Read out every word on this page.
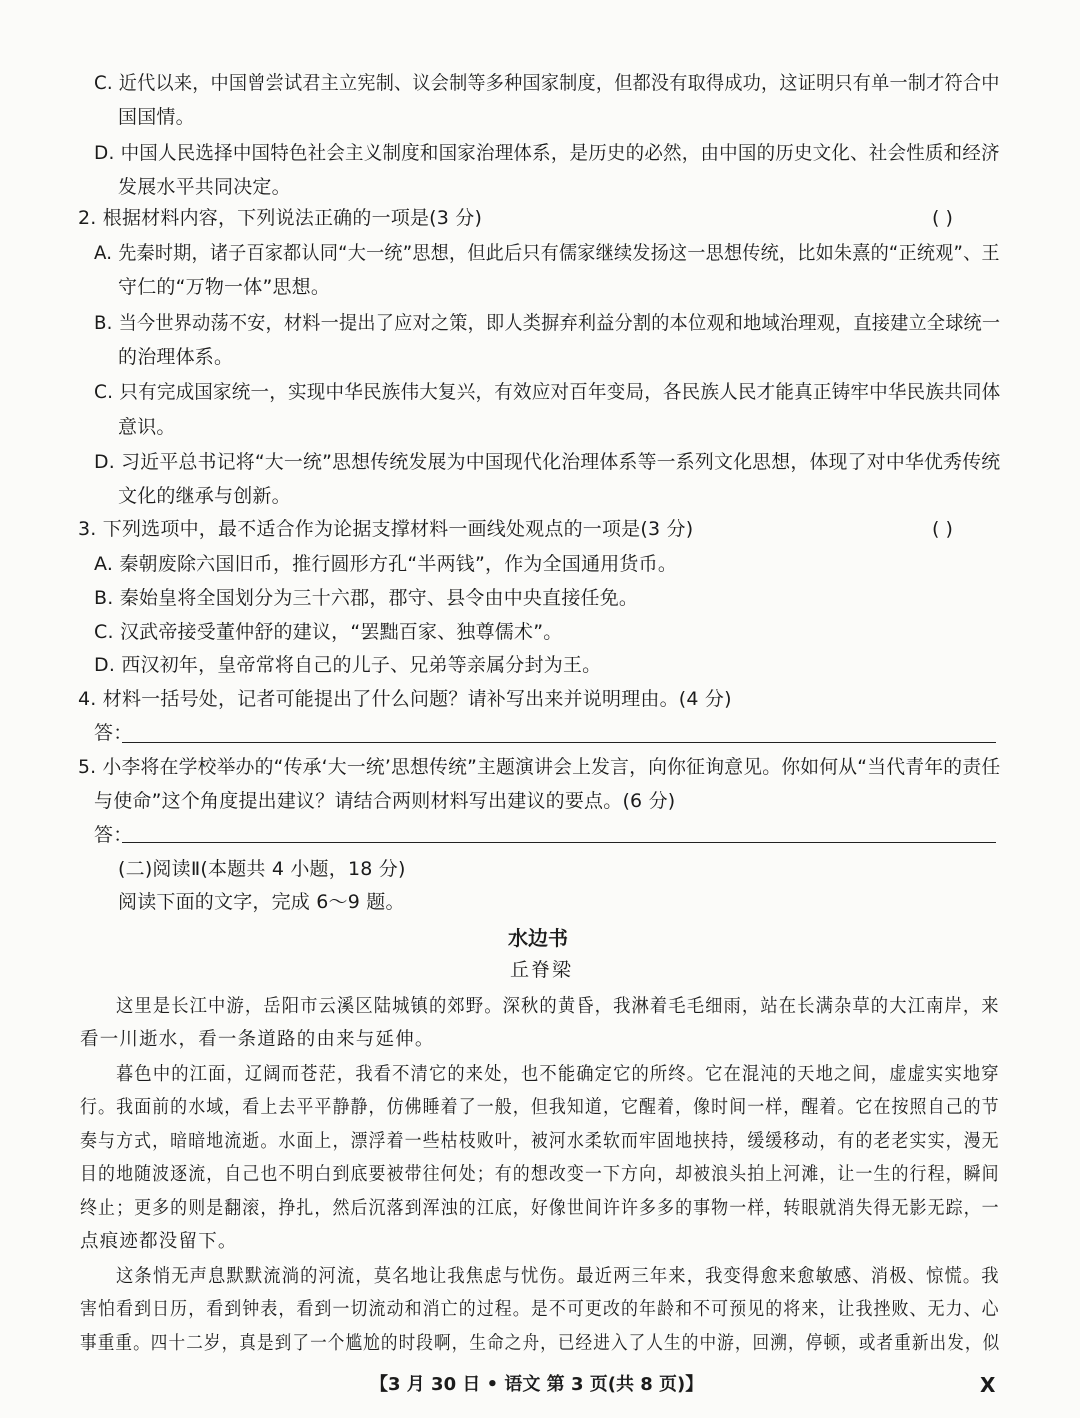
C. 近代以来，中国曾尝试君主立宪制、议会制等多种国家制度，但都没有取得成功，这证明只有单一制才符合中
国国情。
D. 中国人民选择中国特色社会主义制度和国家治理体系，是历史的必然，由中国的历史文化、社会性质和经济
发展水平共同决定。
2. 根据材料内容，下列说法正确的一项是(3 分)	( )
A. 先秦时期，诸子百家都认同“大一统”思想，但此后只有儒家继续发扬这一思想传统，比如朱熹的“正统观”、王
守仁的“万物一体”思想。
B. 当今世界动荡不安，材料一提出了应对之策，即人类摒弃利益分割的本位观和地域治理观，直接建立全球统一
的治理体系。
C. 只有完成国家统一，实现中华民族伟大复兴，有效应对百年变局，各民族人民才能真正铸牢中华民族共同体
意识。
D. 习近平总书记将“大一统”思想传统发展为中国现代化治理体系等一系列文化思想，体现了对中华优秀传统
文化的继承与创新。
3. 下列选项中，最不适合作为论据支撑材料一画线处观点的一项是(3 分)	( )
A. 秦朝废除六国旧币，推行圆形方孔“半两钱”，作为全国通用货币。
B. 秦始皇将全国划分为三十六郡，郡守、县令由中央直接任免。
C. 汉武帝接受董仲舒的建议，“罢黜百家、独尊儒术”。
D. 西汉初年，皇帝常将自己的儿子、兄弟等亲属分封为王。
4. 材料一括号处，记者可能提出了什么问题？请补写出来并说明理由。(4 分)
答：
5. 小李将在学校举办的“传承‘大一统’思想传统”主题演讲会上发言，向你征询意见。你如何从“当代青年的责任
与使命”这个角度提出建议？请结合两则材料写出建议的要点。(6 分)
答：
(二)阅读Ⅱ(本题共 4 小题，18 分)
阅读下面的文字，完成 6～9 题。
水边书
丘脊梁
这里是长江中游，岳阳市云溪区陆城镇的郊野。深秋的黄昏，我淋着毛毛细雨，站在长满杂草的大江南岸，来
看一川逝水，看一条道路的由来与延伸。
暮色中的江面，辽阔而苍茫，我看不清它的来处，也不能确定它的所终。它在混沌的天地之间，虚虚实实地穿
行。我面前的水域，看上去平平静静，仿佛睡着了一般，但我知道，它醒着，像时间一样，醒着。它在按照自己的节
奏与方式，暗暗地流逝。水面上，漂浮着一些枯枝败叶，被河水柔软而牢固地挟持，缓缓移动，有的老老实实，漫无
目的地随波逐流，自己也不明白到底要被带往何处；有的想改变一下方向，却被浪头拍上河滩，让一生的行程，瞬间
终止；更多的则是翻滚，挣扎，然后沉落到浑浊的江底，好像世间许许多多的事物一样，转眼就消失得无影无踪，一
点痕迹都没留下。
这条悄无声息默默流淌的河流，莫名地让我焦虑与忧伤。最近两三年来，我变得愈来愈敏感、消极、惊慌。我
害怕看到日历，看到钟表，看到一切流动和消亡的过程。是不可更改的年龄和不可预见的将来，让我挫败、无力、心
事重重。四十二岁，真是到了一个尴尬的时段啊，生命之舟，已经进入了人生的中游，回溯，停顿，或者重新出发，似
【3 月 30 日 • 语文 第 3 页(共 8 页)】	X
